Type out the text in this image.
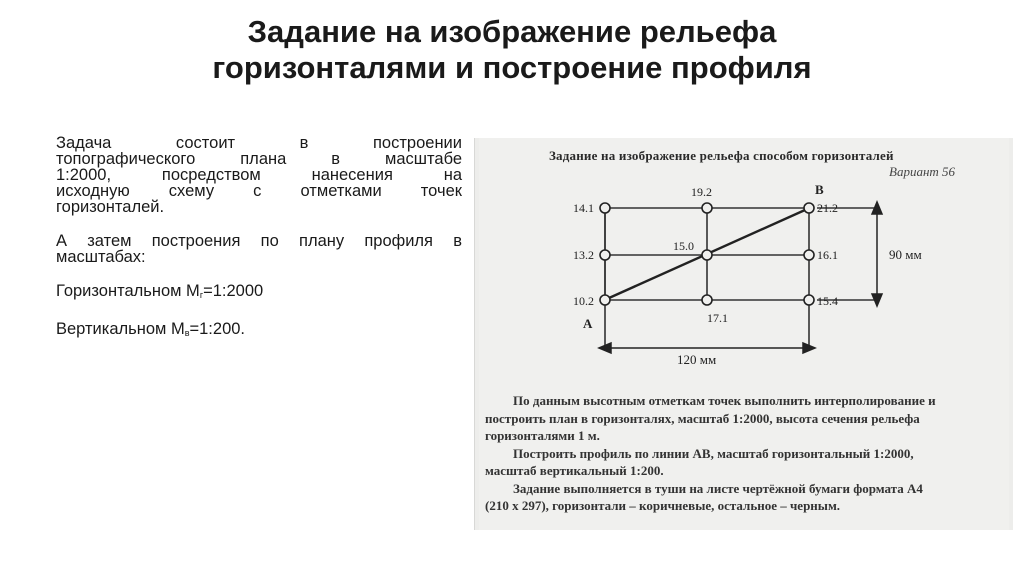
Задание на изображение рельефа
горизонталями и построение профиля
Задача	состоит	в	построении
топографического	плана	в	масштабе
1:2000,	посредством	нанесения	на
исходную схему с отметками точек

горизонталей.

А затем построения по плану профиля в

масштабах:

Горизонтальном $М_г=1:2000$

Вертикальном $М_в=1:200$.

Задание на изображение рельефа способом горизонталей
Вариант 56
14.1
19.2
21.2
13.2
15.0
16.1
10.2
17.1
15.4
А
В
90 мм
120 мм

По данным высотным отметкам точек выполнить интерполирование и

построить план в горизонталях, масштаб 1:2000, высота сечения рельефа

горизонталями 1 м.

Построить профиль по линии АВ, масштаб горизонтальный 1:2000,

масштаб вертикальный 1:200.

Задание выполняется в туши на листе чертёжной бумаги формата А4

(210 x 297), горизонтали – коричневые, остальное – черным.
